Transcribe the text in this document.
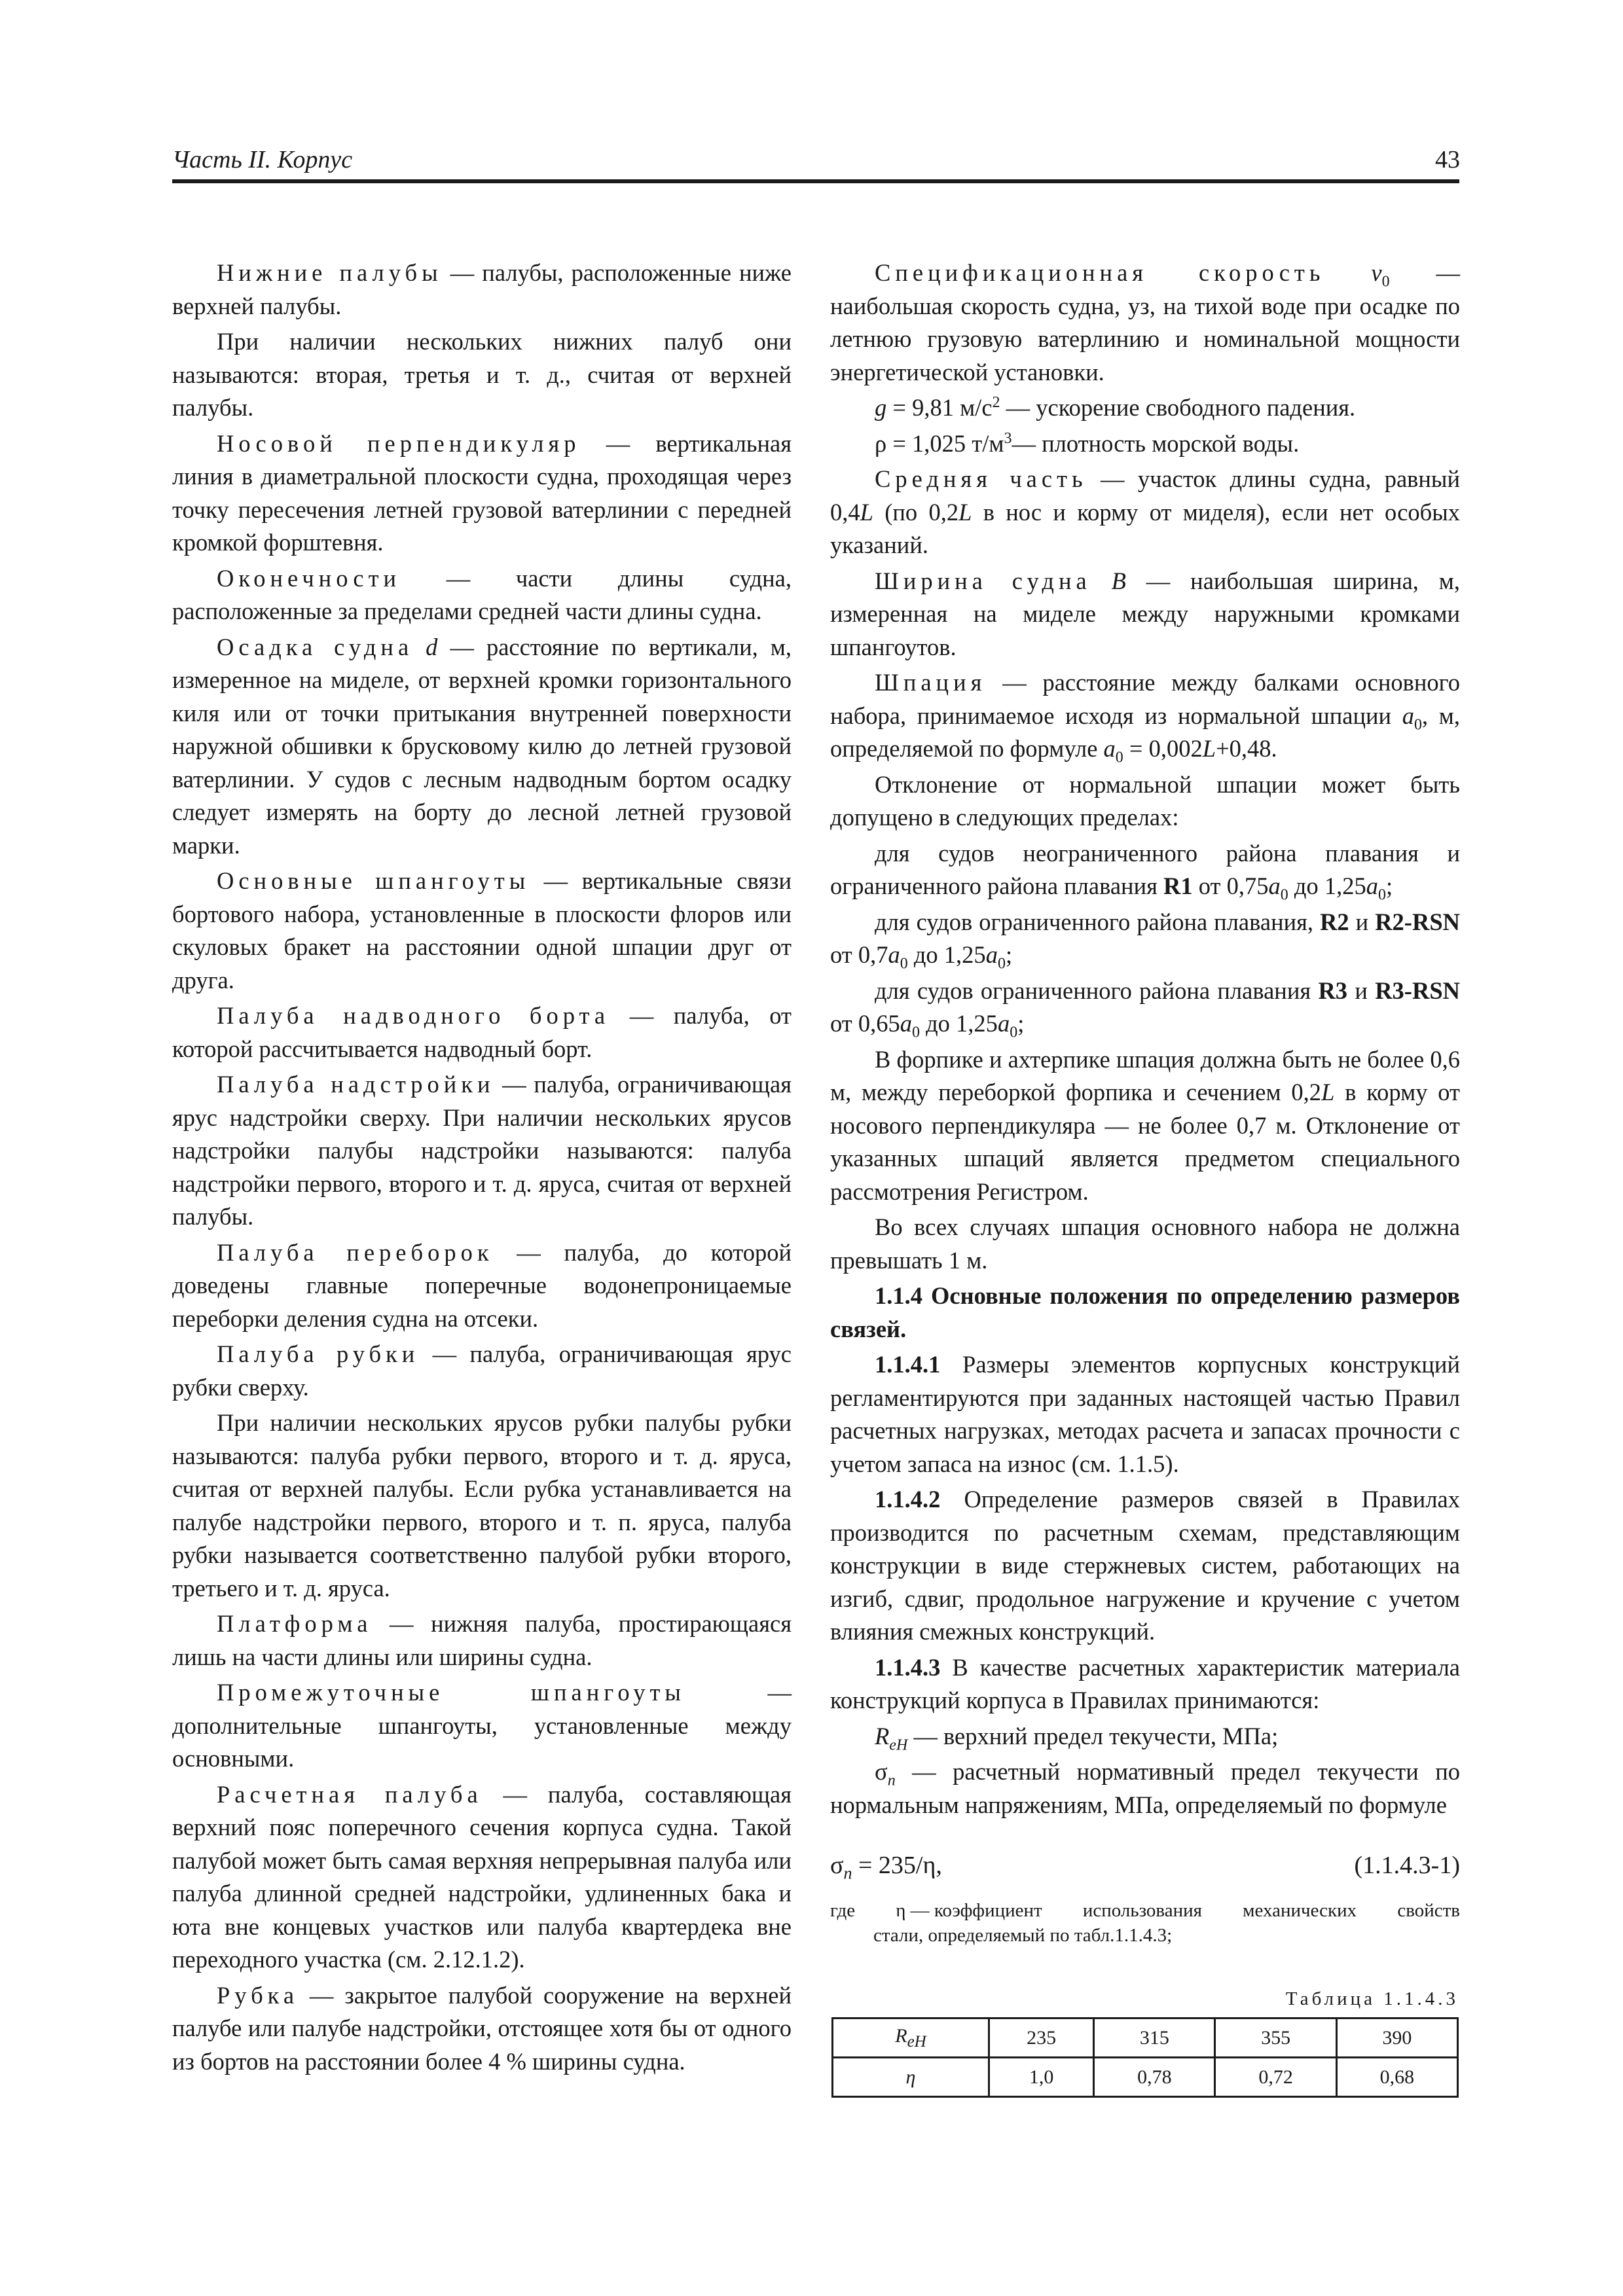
Часть II. Корпус	43

Нижние палубы — палубы, расположенные ниже верхней палубы.

При наличии нескольких нижних палуб они называются: вторая, третья и т. д., считая от верхней палубы.

Носовой перпендикуляр — вертикальная линия в диаметральной плоскости судна, проходящая через точку пересечения летней грузовой ватерлинии с передней кромкой форштевня.

Оконечности — части длины судна, расположенные за пределами средней части длины судна.

Осадка судна d — расстояние по вертикали, м, измеренное на миделе, от верхней кромки горизонтального киля или от точки притыкания внутренней поверхности наружной обшивки к брусковому килю до летней грузовой ватерлинии. У судов с лесным надводным бортом осадку следует измерять на борту до лесной летней грузовой марки.

Основные шпангоуты — вертикальные связи бортового набора, установленные в плоскости флоров или скуловых бракет на расстоянии одной шпации друг от друга.

Палуба надводного борта — палуба, от которой рассчитывается надводный борт.

Палуба надстройки — палуба, ограничивающая ярус надстройки сверху. При наличии нескольких ярусов надстройки палубы надстройки называются: палуба надстройки первого, второго и т. д. яруса, считая от верхней палубы.

Палуба переборок — палуба, до которой доведены главные поперечные водонепроницаемые переборки деления судна на отсеки.

Палуба рубки — палуба, ограничивающая ярус рубки сверху.

При наличии нескольких ярусов рубки палубы рубки называются: палуба рубки первого, второго и т. д. яруса, считая от верхней палубы. Если рубка устанавливается на палубе надстройки первого, второго и т. п. яруса, палуба рубки называется соответственно палубой рубки второго, третьего и т. д. яруса.

Платформа — нижняя палуба, простирающаяся лишь на части длины или ширины судна.

Промежуточные шпангоуты — дополнительные шпангоуты, установленные между основными.

Расчетная палуба — палуба, составляющая верхний пояс поперечного сечения корпуса судна. Такой палубой может быть самая верхняя непрерывная палуба или палуба длинной средней надстройки, удлиненных бака и юта вне концевых участков или палуба квартердека вне переходного участка (см. 2.12.1.2).

Рубка — закрытое палубой сооружение на верхней палубе или палубе надстройки, отстоящее хотя бы от одного из бортов на расстоянии более 4 % ширины судна.

Спецификационная скорость $v_0$ — наибольшая скорость судна, уз, на тихой воде при осадке по летнюю грузовую ватерлинию и номинальной мощности энергетической установки.

g = 9,81 $м/с^2$ — ускорение свободного падения.

ρ = 1,025 $т/м^3—$ плотность морской воды.

Средняя часть — участок длины судна, равный 0,4L (по 0,2L в нос и корму от миделя), если нет особых указаний.

Ширина судна B — наибольшая ширина, м, измеренная на миделе между наружными кромками шпангоутов.

Шпация — расстояние между балками основного набора, принимаемое исходя из нормальной шпации $a_0$, м, определяемой по формуле $a_0 = 0,002L+0,48$.

Отклонение от нормальной шпации может быть допущено в следующих пределах:

для судов неограниченного района плавания и ограниченного района плавания R1 от $0,75a_0$ до $1,25a_0$;

для судов ограниченного района плавания, R2 и R2-RSN от $0,7a_0$ до $1,25a_0$;

для судов ограниченного района плавания R3 и R3-RSN от $0,65a_0$ до $1,25a_0$;

В форпике и ахтерпике шпация должна быть не более 0,6 м, между переборкой форпика и сечением 0,2L в корму от носового перпендикуляра — не более 0,7 м. Отклонение от указанных шпаций является предметом специального рассмотрения Регистром.

Во всех случаях шпация основного набора не должна превышать 1 м.

1.1.4 Основные положения по определению размеров связей.

1.1.4.1 Размеры элементов корпусных конструкций регламентируются при заданных настоящей частью Правил расчетных нагрузках, методах расчета и запасах прочности с учетом запаса на износ (см. 1.1.5).

1.1.4.2 Определение размеров связей в Правилах производится по расчетным схемам, представляющим конструкции в виде стержневых систем, работающих на изгиб, сдвиг, продольное нагружение и кручение с учетом влияния смежных конструкций.

1.1.4.3 В качестве расчетных характеристик материала конструкций корпуса в Правилах принимаются:

$R_{eH}$ — верхний предел текучести, МПа;

$\sigma_n$ — расчетный нормативный предел текучести по нормальным напряжениям, МПа, определяемый по формуле

$\sigma_n = 235/\eta$,	(1.1.4.3-1)
где η — коэффициент использования механических свойств
стали, определяемый по табл.1.1.4.3;
Таблица 1.1.4.3
$R_{eH}$	235	315	355	390
η	1,0	0,78	0,72	0,68
